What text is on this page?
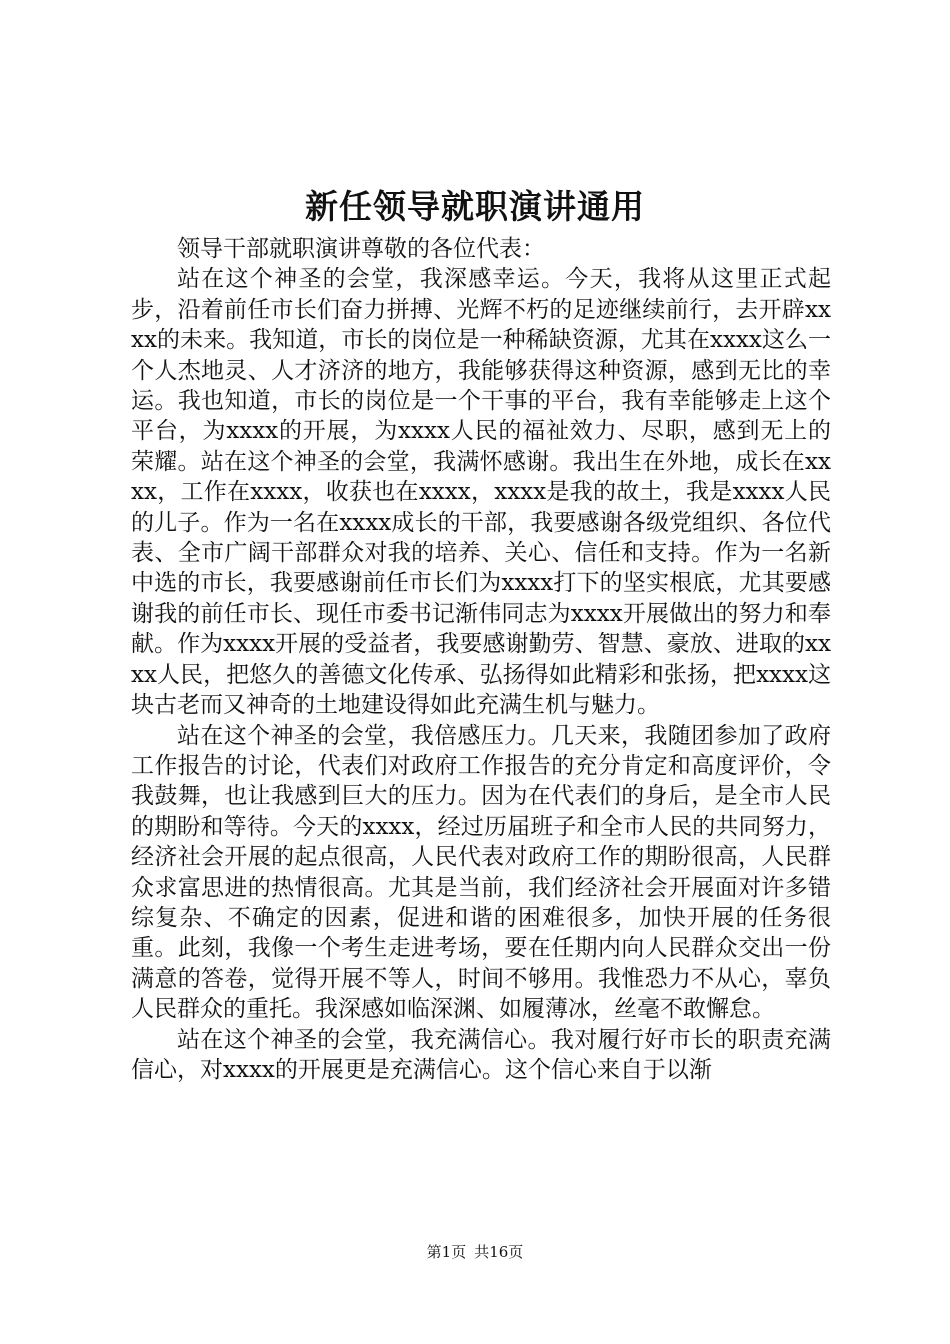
新任领导就职演讲通用

领导干部就职演讲尊敬的各位代表：

站在这个神圣的会堂，我深感幸运。今天，我将从这里正式起步，沿着前任市长们奋力拼搏、光辉不朽的足迹继续前行，去开辟xxxx的未来。我知道，市长的岗位是一种稀缺资源，尤其在xxxx这么一个人杰地灵、人才济济的地方，我能够获得这种资源，感到无比的幸运。我也知道，市长的岗位是一个干事的平台，我有幸能够走上这个平台，为xxxx的开展，为xxxx人民的福祉效力、尽职，感到无上的荣耀。站在这个神圣的会堂，我满怀感谢。我出生在外地，成长在xxxx，工作在xxxx，收获也在xxxx，xxxx是我的故土，我是xxxx人民的儿子。作为一名在xxxx成长的干部，我要感谢各级党组织、各位代表、全市广阔干部群众对我的培养、关心、信任和支持。作为一名新中选的市长，我要感谢前任市长们为xxxx打下的坚实根底，尤其要感谢我的前任市长、现任市委书记渐伟同志为xxxx开展做出的努力和奉献。作为xxxx开展的受益者，我要感谢勤劳、智慧、豪放、进取的xxxx人民，把悠久的善德文化传承、弘扬得如此精彩和张扬，把xxxx这块古老而又神奇的土地建设得如此充满生机与魅力。

站在这个神圣的会堂，我倍感压力。几天来，我随团参加了政府工作报告的讨论，代表们对政府工作报告的充分肯定和高度评价，令我鼓舞，也让我感到巨大的压力。因为在代表们的身后，是全市人民的期盼和等待。今天的xxxx，经过历届班子和全市人民的共同努力，经济社会开展的起点很高，人民代表对政府工作的期盼很高，人民群众求富思进的热情很高。尤其是当前，我们经济社会开展面对许多错综复杂、不确定的因素，促进和谐的困难很多，加快开展的任务很重。此刻，我像一个考生走进考场，要在任期内向人民群众交出一份满意的答卷，觉得开展不等人，时间不够用。我惟恐力不从心，辜负人民群众的重托。我深感如临深渊、如履薄冰，丝毫不敢懈怠。

站在这个神圣的会堂，我充满信心。我对履行好市长的职责充满信心，对xxxx的开展更是充满信心。这个信心来自于以渐

第1页 共16页
